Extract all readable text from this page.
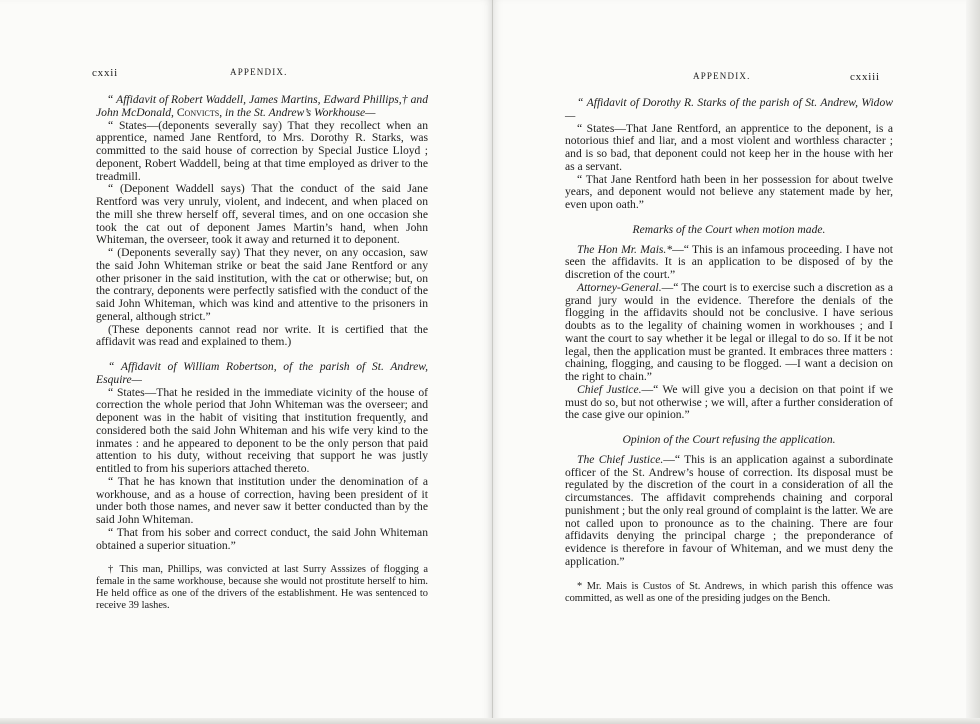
cxxii	APPENDIX.

“ Affidavit of Robert Waddell, James Martins, Edward Phillips,† and John McDonald, Convicts, in the St. Andrew’s Workhouse—

“ States—(deponents severally say) That they recollect when an apprentice, named Jane Rentford, to Mrs. Dorothy R. Starks, was committed to the said house of correction by Special Justice Lloyd ; deponent, Robert Waddell, being at that time employed as driver to the treadmill.

“ (Deponent Waddell says) That the conduct of the said Jane Rentford was very unruly, violent, and indecent, and when placed on the mill she threw herself off, several times, and on one occasion she took the cat out of deponent James Martin’s hand, when John Whiteman, the overseer, took it away and returned it to deponent.

“ (Deponents severally say) That they never, on any occasion, saw the said John Whiteman strike or beat the said Jane Rentford or any other prisoner in the said institution, with the cat or otherwise; but, on the contrary, deponents were perfectly satisfied with the conduct of the said John Whiteman, which was kind and attentive to the prisoners in general, although strict.”

(These deponents cannot read nor write. It is certified that the affidavit was read and explained to them.)

“ Affidavit of William Robertson, of the parish of St. Andrew, Esquire—

“ States—That he resided in the immediate vicinity of the house of correction the whole period that John Whiteman was the overseer; and deponent was in the habit of visiting that institution frequently, and considered both the said John Whiteman and his wife very kind to the inmates : and he appeared to deponent to be the only person that paid attention to his duty, without receiving that support he was justly entitled to from his superiors attached thereto.

“ That he has known that institution under the denomination of a workhouse, and as a house of correction, having been president of it under both those names, and never saw it better conducted than by the said John Whiteman.

“ That from his sober and correct conduct, the said John Whiteman obtained a superior situation.”

† This man, Phillips, was convicted at last Surry Asssizes of flogging a female in the same workhouse, because she would not prostitute herself to him. He held office as one of the drivers of the establishment. He was sentenced to receive 39 lashes.

APPENDIX.	cxxiii

“ Affidavit of Dorothy R. Starks of the parish of St. Andrew, Widow—

“ States—That Jane Rentford, an apprentice to the deponent, is a notorious thief and liar, and a most violent and worthless character ; and is so bad, that deponent could not keep her in the house with her as a servant.

“ That Jane Rentford hath been in her possession for about twelve years, and deponent would not believe any statement made by her, even upon oath.”

Remarks of the Court when motion made.

The Hon Mr. Mais.*—“ This is an infamous proceeding. I have not seen the affidavits. It is an application to be disposed of by the discretion of the court.”

Attorney-General.—“ The court is to exercise such a discretion as a grand jury would in the evidence. Therefore the denials of the flogging in the affidavits should not be conclusive. I have serious doubts as to the legality of chaining women in workhouses ; and I want the court to say whether it be legal or illegal to do so. If it be not legal, then the application must be granted. It embraces three matters : chaining, flogging, and causing to be flogged. —I want a decision on the right to chain.”

Chief Justice.—“ We will give you a decision on that point if we must do so, but not otherwise ; we will, after a further consideration of the case give our opinion.”

Opinion of the Court refusing the application.

The Chief Justice.—“ This is an application against a subordinate officer of the St. Andrew’s house of correction. Its disposal must be regulated by the discretion of the court in a consideration of all the circumstances. The affidavit comprehends chaining and corporal punishment ; but the only real ground of complaint is the latter. We are not called upon to pronounce as to the chaining. There are four affidavits denying the principal charge ; the preponderance of evidence is therefore in favour of Whiteman, and we must deny the application.”

* Mr. Mais is Custos of St. Andrews, in which parish this offence was committed, as well as one of the presiding judges on the Bench.
